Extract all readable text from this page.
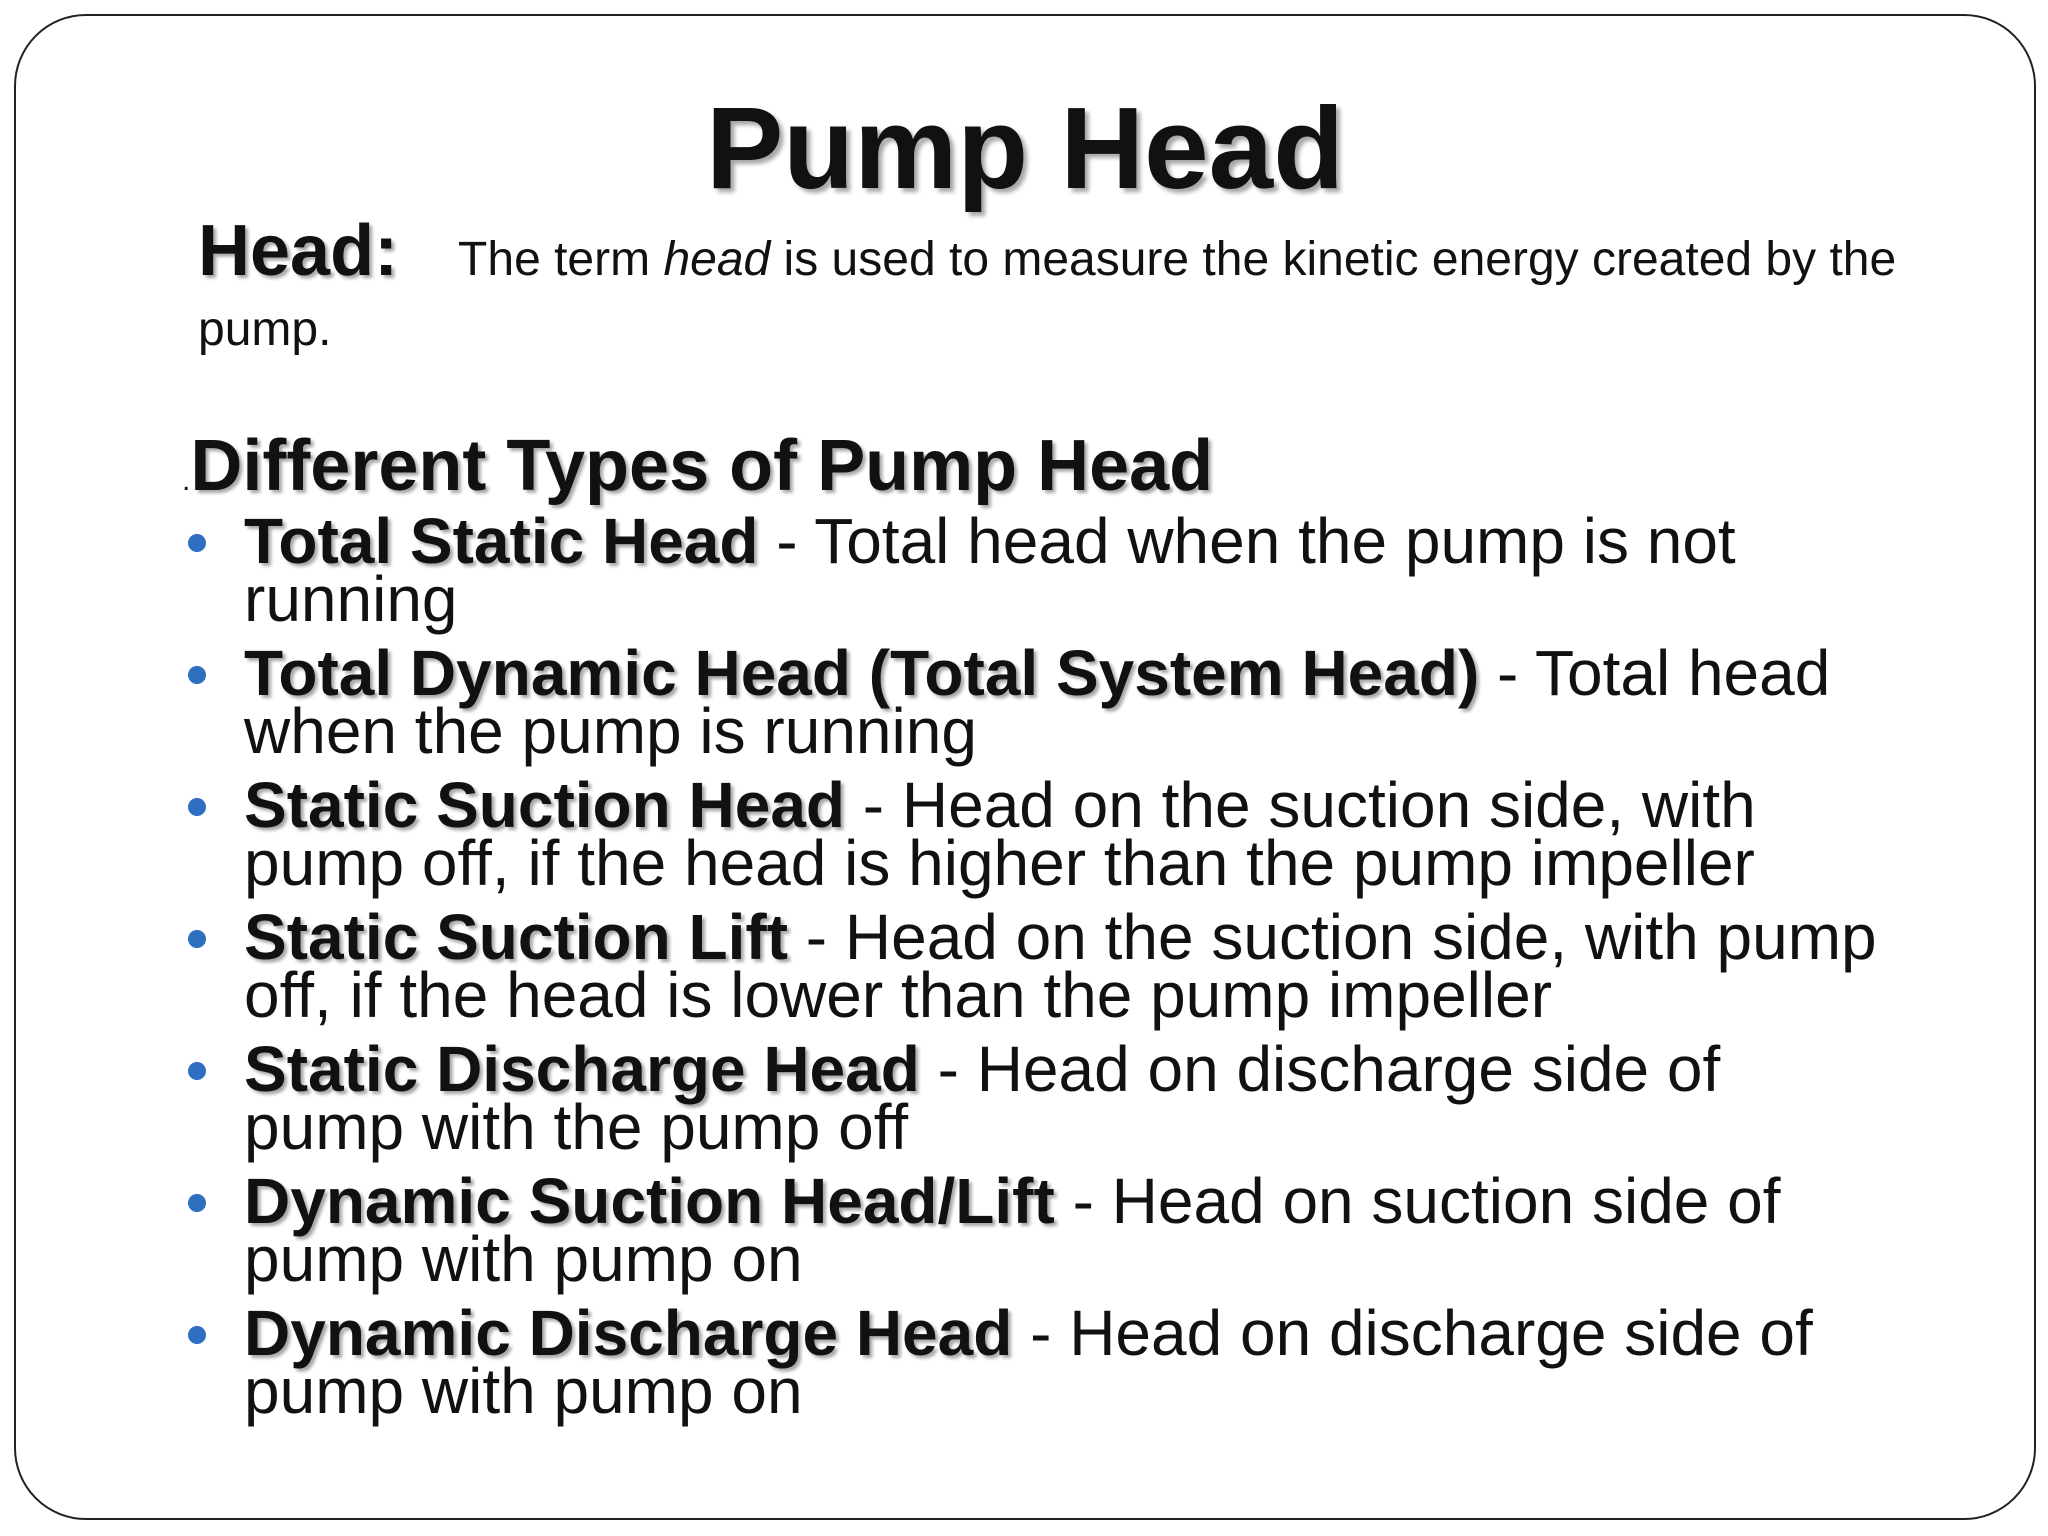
Pump Head
Head: The term head is used to measure the kinetic energy created by the pump.
.Different Types of Pump Head
Total Static Head - Total head when the pump is not running
Total Dynamic Head (Total System Head) - Total head when the pump is running
Static Suction Head - Head on the suction side, with pump off, if the head is higher than the pump impeller
Static Suction Lift - Head on the suction side, with pump off, if the head is lower than the pump impeller
Static Discharge Head - Head on discharge side of pump with the pump off
Dynamic Suction Head/Lift - Head on suction side of pump with pump on
Dynamic Discharge Head - Head on discharge side of pump with pump on
